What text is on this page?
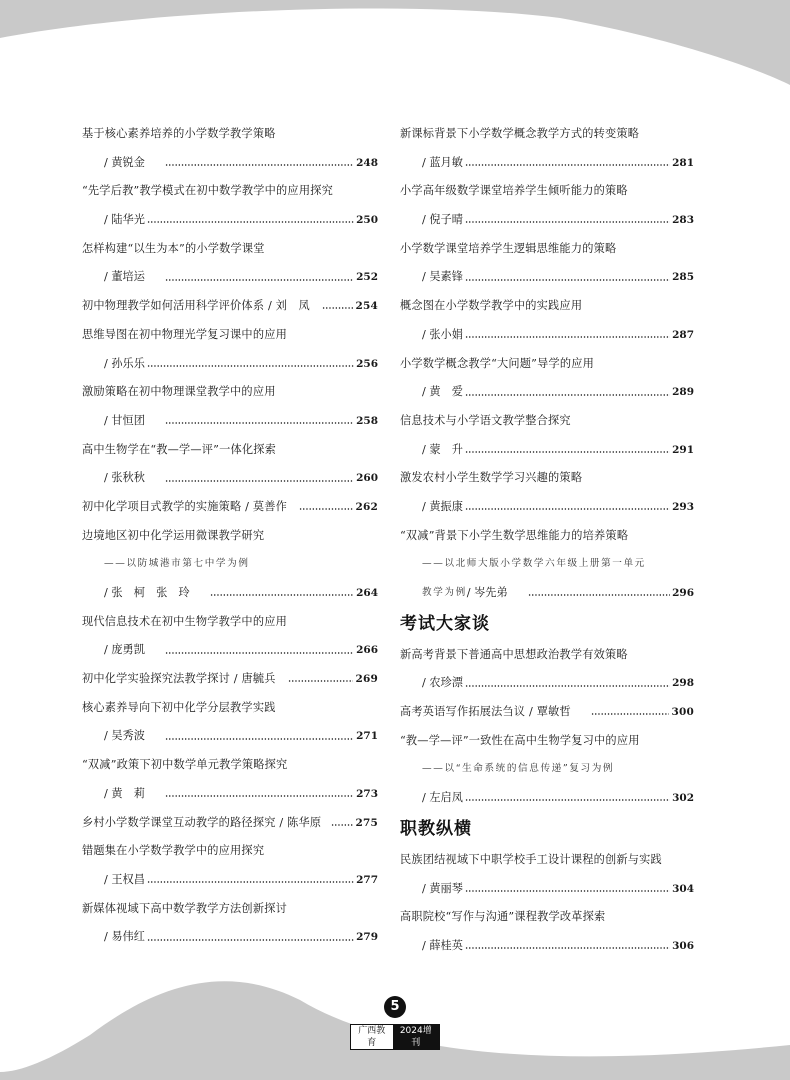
基于核心素养培养的小学数学教学策略
/ 黄锐金	248
“先学后教”教学模式在初中数学教学中的应用探究
/ 陆华光	250
怎样构建“以生为本”的小学数学课堂
/ 董培运	252
初中物理教学如何活用科学评价体系 / 刘　凤	254
思维导图在初中物理光学复习课中的应用
/ 孙乐乐	256
激励策略在初中物理课堂教学中的应用
/ 甘恒团	258
高中生物学在“教—学—评”一体化探索
/ 张秋秋	260
初中化学项目式教学的实施策略 / 莫善作	262
边境地区初中化学运用微课教学研究
——以防城港市第七中学为例
/ 张　柯　张　玲	264
现代信息技术在初中生物学教学中的应用
/ 庞勇凯	266
初中化学实验探究法教学探讨 / 唐毓兵	269
核心素养导向下初中化学分层教学实践
/ 吴秀波	271
“双减”政策下初中数学单元教学策略探究
/ 黄　莉	273
乡村小学数学课堂互动教学的路径探究 / 陈华原	275
错题集在小学数学教学中的应用探究
/ 王权昌	277
新媒体视域下高中数学教学方法创新探讨
/ 易伟红	279
新课标背景下小学数学概念教学方式的转变策略
/ 蓝月敏	281
小学高年级数学课堂培养学生倾听能力的策略
/ 倪子晴	283
小学数学课堂培养学生逻辑思维能力的策略
/ 吴素锋	285
概念图在小学数学教学中的实践应用
/ 张小娟	287
小学数学概念教学“大问题”导学的应用
/ 黄　爱	289
信息技术与小学语文教学整合探究
/ 蒙　升	291
激发农村小学生数学学习兴趣的策略
/ 黄振康	293
“双减”背景下小学生数学思维能力的培养策略
——以北师大版小学数学六年级上册第一单元
教学为例 / 岑先弟	296
考试大家谈
新高考背景下普通高中思想政治教学有效策略
/ 农珍漂	298
高考英语写作拓展法刍议 / 覃敏哲	300
“教—学—评”一致性在高中生物学复习中的应用
——以“生命系统的信息传递”复习为例
/ 左启凤	302
职教纵横
民族团结视域下中职学校手工设计课程的创新与实践
/ 黄丽琴	304
高职院校“写作与沟通”课程教学改革探索
/ 薛桂英	306
5
广西教育
2024增刊
